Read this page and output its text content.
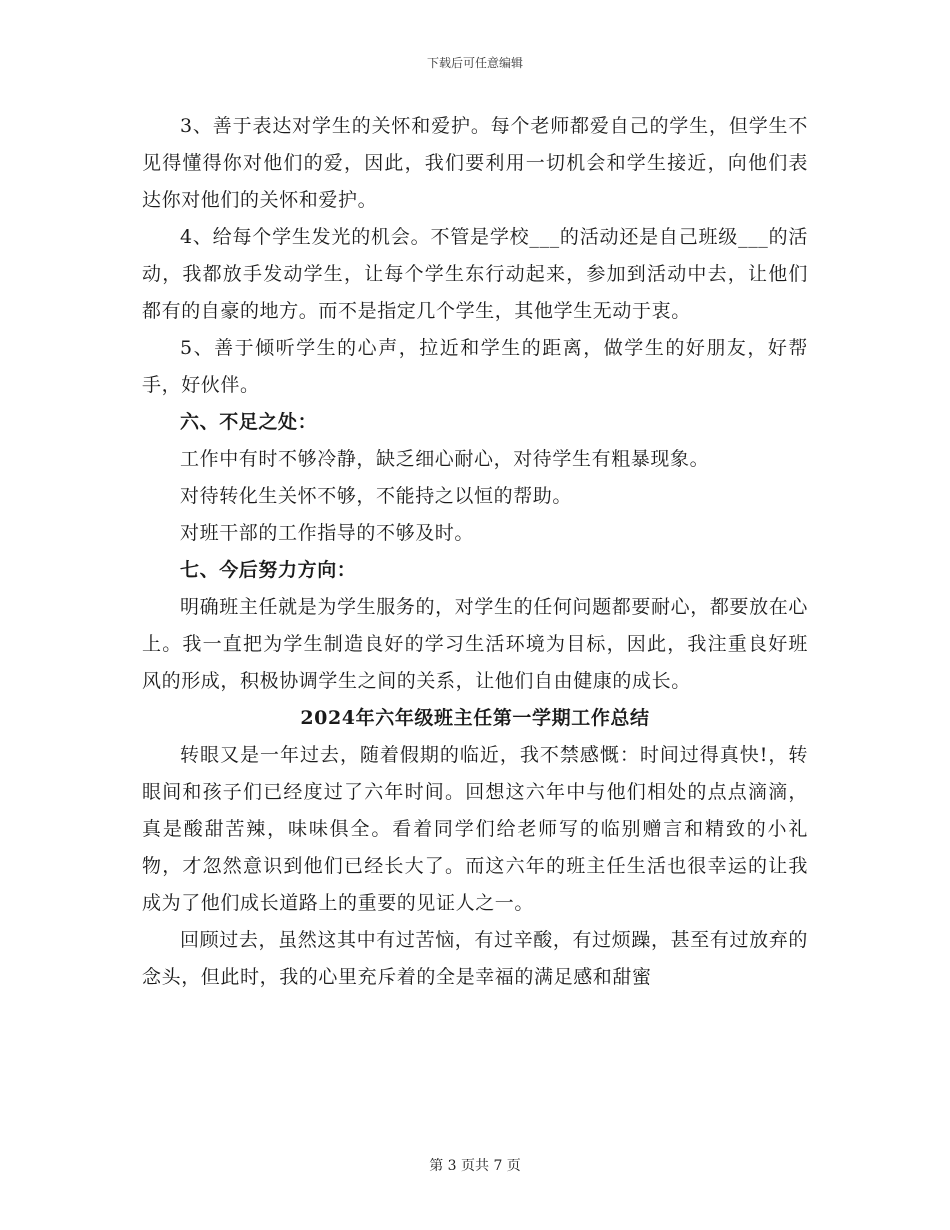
下载后可任意编辑

3、善于表达对学生的关怀和爱护。每个老师都爱自己的学生，但学生不见得懂得你对他们的爱，因此，我们要利用一切机会和学生接近，向他们表达你对他们的关怀和爱护。

4、给每个学生发光的机会。不管是学校___的活动还是自己班级___的活动，我都放手发动学生，让每个学生东行动起来，参加到活动中去，让他们都有的自豪的地方。而不是指定几个学生，其他学生无动于衷。

5、善于倾听学生的心声，拉近和学生的距离，做学生的好朋友，好帮手，好伙伴。

六、不足之处：

工作中有时不够冷静，缺乏细心耐心，对待学生有粗暴现象。

对待转化生关怀不够，不能持之以恒的帮助。

对班干部的工作指导的不够及时。

七、今后努力方向：

明确班主任就是为学生服务的，对学生的任何问题都要耐心，都要放在心上。我一直把为学生制造良好的学习生活环境为目标，因此，我注重良好班风的形成，积极协调学生之间的关系，让他们自由健康的成长。

2024年六年级班主任第一学期工作总结

转眼又是一年过去，随着假期的临近，我不禁感慨：时间过得真快!，转眼间和孩子们已经度过了六年时间。回想这六年中与他们相处的点点滴滴，真是酸甜苦辣，味味俱全。看着同学们给老师写的临别赠言和精致的小礼物，才忽然意识到他们已经长大了。而这六年的班主任生活也很幸运的让我成为了他们成长道路上的重要的见证人之一。

回顾过去，虽然这其中有过苦恼，有过辛酸，有过烦躁，甚至有过放弃的念头，但此时，我的心里充斥着的全是幸福的满足感和甜蜜

第 3 页共 7 页
